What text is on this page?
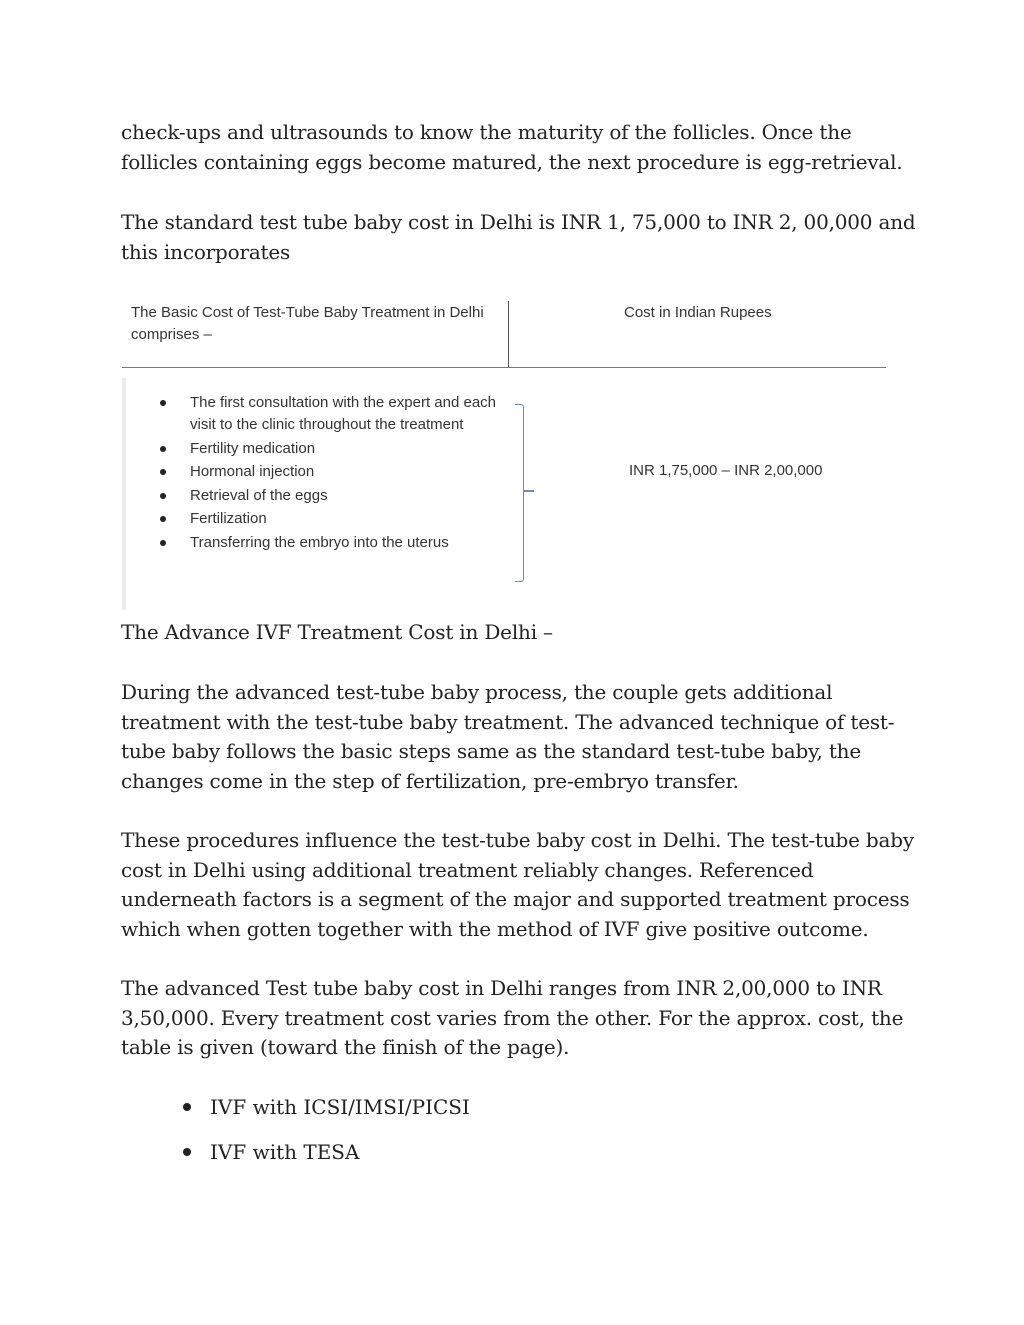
check-ups and ultrasounds to know the maturity of the follicles. Once the follicles containing eggs become matured, the next procedure is egg-retrieval.

The standard test tube baby cost in Delhi is INR 1, 75,000 to INR 2, 00,000 and this incorporates

The Basic Cost of Test-Tube Baby Treatment in Delhi comprises –
Cost in Indian Rupees
The first consultation with the expert and each visit to the clinic throughout the treatment
Fertility medication
Hormonal injection
Retrieval of the eggs
Fertilization
Transferring the embryo into the uterus
INR 1,75,000 – INR 2,00,000

The Advance IVF Treatment Cost in Delhi –

During the advanced test-tube baby process, the couple gets additional treatment with the test-tube baby treatment. The advanced technique of test-tube baby follows the basic steps same as the standard test-tube baby, the changes come in the step of fertilization, pre-embryo transfer.

These procedures influence the test-tube baby cost in Delhi. The test-tube baby cost in Delhi using additional treatment reliably changes. Referenced underneath factors is a segment of the major and supported treatment process which when gotten together with the method of IVF give positive outcome.

The advanced Test tube baby cost in Delhi ranges from INR 2,00,000 to INR 3,50,000. Every treatment cost varies from the other. For the approx. cost, the table is given (toward the finish of the page).

IVF with ICSI/IMSI/PICSI
IVF with TESA
